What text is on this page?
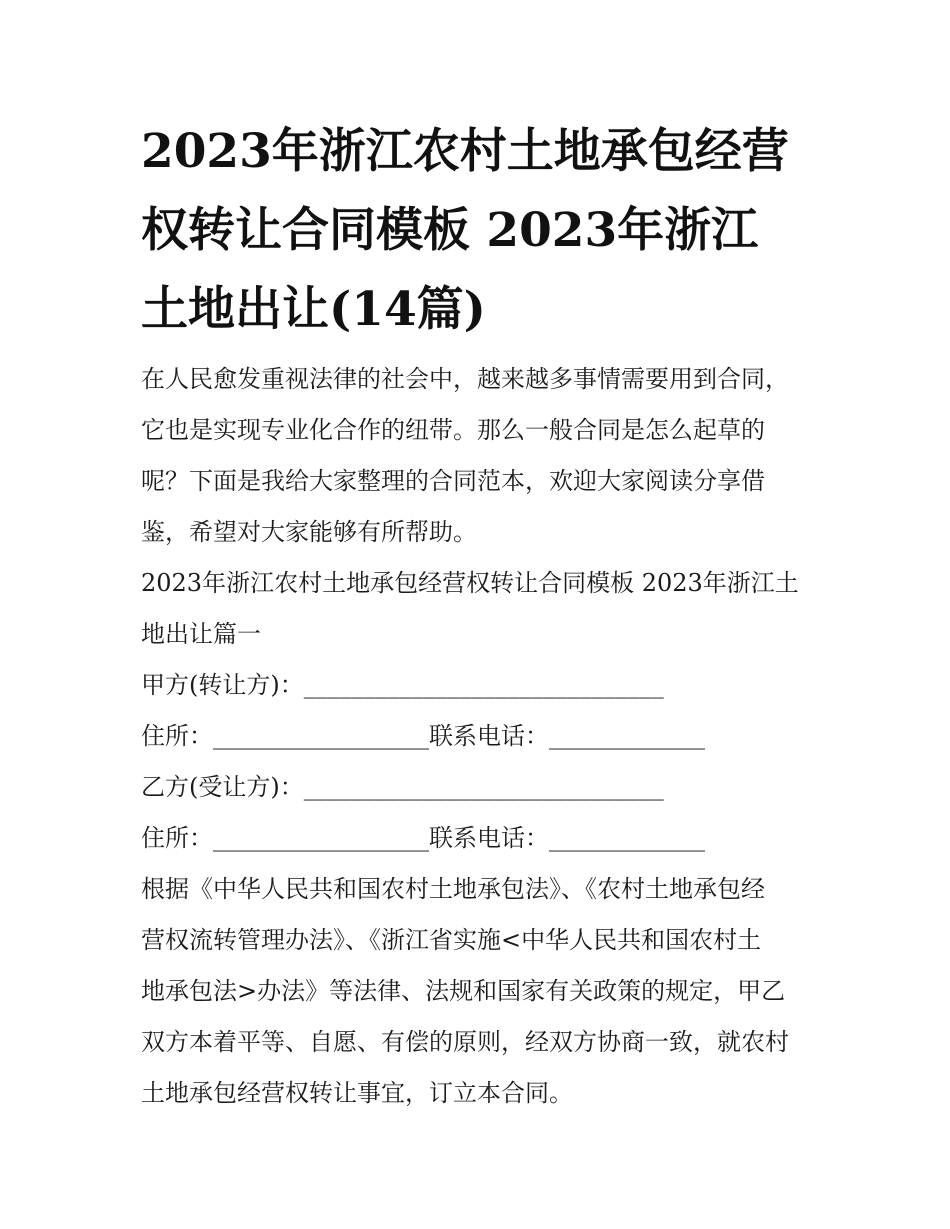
2023年浙江农村土地承包经营
权转让合同模板 2023年浙江
土地出让(14篇)
在人民愈发重视法律的社会中，越来越多事情需要用到合同，
它也是实现专业化合作的纽带。那么一般合同是怎么起草的
呢？下面是我给大家整理的合同范本，欢迎大家阅读分享借
鉴，希望对大家能够有所帮助。
2023年浙江农村土地承包经营权转让合同模板 2023年浙江土
地出让篇一
甲方(转让方)：______________________________
住所：__________________联系电话：_____________
乙方(受让方)：______________________________
住所：__________________联系电话：_____________
根据《中华人民共和国农村土地承包法》、《农村土地承包经
营权流转管理办法》、《浙江省实施<中华人民共和国农村土
地承包法>办法》等法律、法规和国家有关政策的规定，甲乙
双方本着平等、自愿、有偿的原则，经双方协商一致，就农村
土地承包经营权转让事宜，订立本合同。
